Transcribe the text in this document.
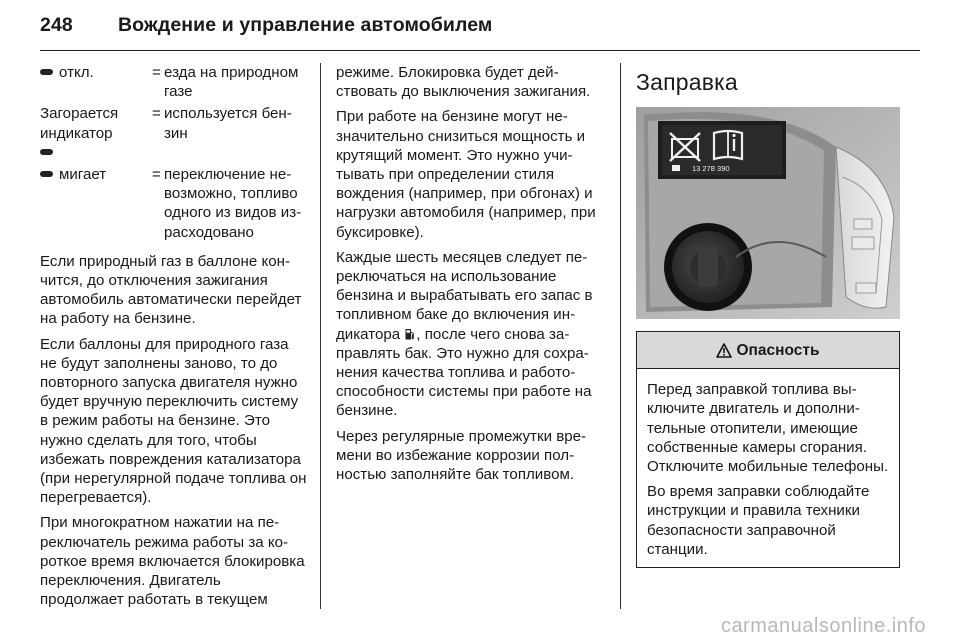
248 Вождение и управление автомобилем
откл.	= езда на природном газе
Загорается индикатор

= используется бензин
мигает	= переключение невозможно, топливо одного из видов израсходовано

Если природный газ в баллоне кончится, до отключения зажигания автомобиль автоматически перейдет на работу на бензине.

Если баллоны для природного газа не будут заполнены заново, то до повторного запуска двигателя нужно будет вручную переключить систему в режим работы на бензине. Это нужно сделать для того, чтобы избежать повреждения катализатора (при нерегулярной подаче топлива он перегревается).

При многократном нажатии на переключатель режима работы за короткое время включается блокировка переключения. Двигатель продолжает работать в текущем

режиме. Блокировка будет действовать до выключения зажигания.

При работе на бензине могут незначительно снизиться мощность и крутящий момент. Это нужно учитывать при определении стиля вождения (например, при обгонах) и нагрузки автомобиля (например, при буксировке).

Каждые шесть месяцев следует переключаться на использование бензина и вырабатывать его запас в топливном баке до включения индикатора , после чего снова заправлять бак. Это нужно для сохранения качества топлива и работоспособности системы при работе на бензине.

Через регулярные промежутки времени во избежание коррозии полностью заполняйте бак топливом.

Заправка
13 278 390
Опасность

Перед заправкой топлива выключите двигатель и дополнительные отопители, имеющие собственные камеры сгорания. Отключите мобильные телефоны.

Во время заправки соблюдайте инструкции и правила техники безопасности заправочной станции.

carmanualsonline.info
